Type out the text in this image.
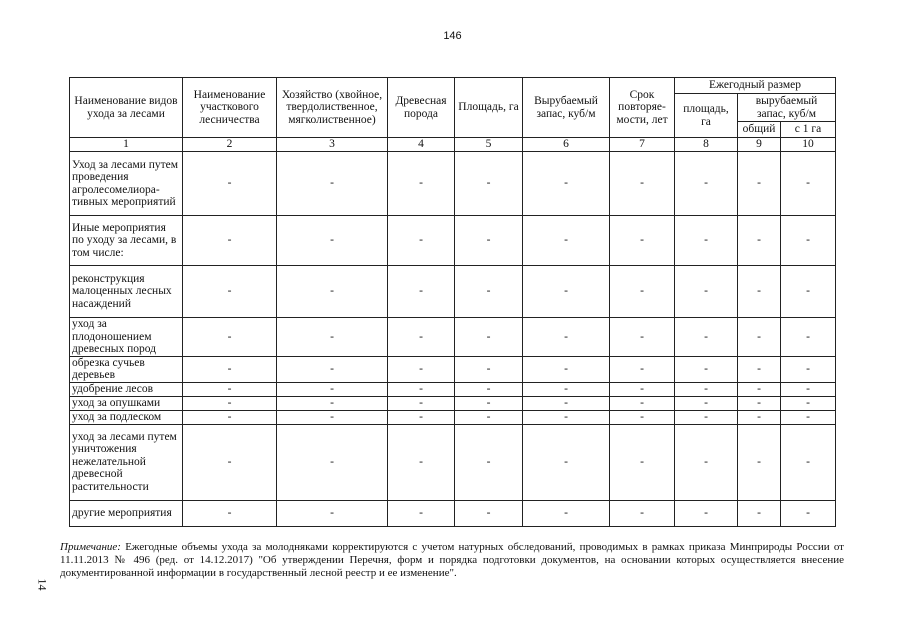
146
14
Наименование видов ухода за лесами	Наименование участкового лесничества	Хозяйство (хвойное, твердолиственное, мягколиственное)	Древесная порода	Площадь, га	Вырубаемый запас, куб/м	Срок повторяе-мости, лет	Ежегодный размер		
							площадь, га	вырубаемый запас, куб/м	
								общий	с 1 га
1	2	3	4	5	6	7	8	9	10
Уход за лесами путем проведения агролесомелиора-тивных мероприятий	-	-	-	-	-	-	-	-	-
Иные мероприятия по уходу за лесами, в том числе:	-	-	-	-	-	-	-	-	-
реконструкция малоценных лесных насаждений	-	-	-	-	-	-	-	-	-
уход за плодоношением древесных пород	-	-	-	-	-	-	-	-	-
обрезка сучьев деревьев	-	-	-	-	-	-	-	-	-
удобрение лесов	-	-	-	-	-	-	-	-	-
уход за опушками	-	-	-	-	-	-	-	-	-
уход за подлеском	-	-	-	-	-	-	-	-	-
уход за лесами путем уничтожения нежелательной древесной растительности	-	-	-	-	-	-	-	-	-
другие мероприятия	-	-	-	-	-	-	-	-	-
Примечание: Ежегодные объемы ухода за молодняками корректируются с учетом натурных обследований, проводимых в рамках приказа Минприроды России от 11.11.2013 № 496 (ред. от 14.12.2017) "Об утверждении Перечня, форм и порядка подготовки документов, на основании которых осуществляется внесение документированной информации в государственный лесной реестр и ее изменение".
